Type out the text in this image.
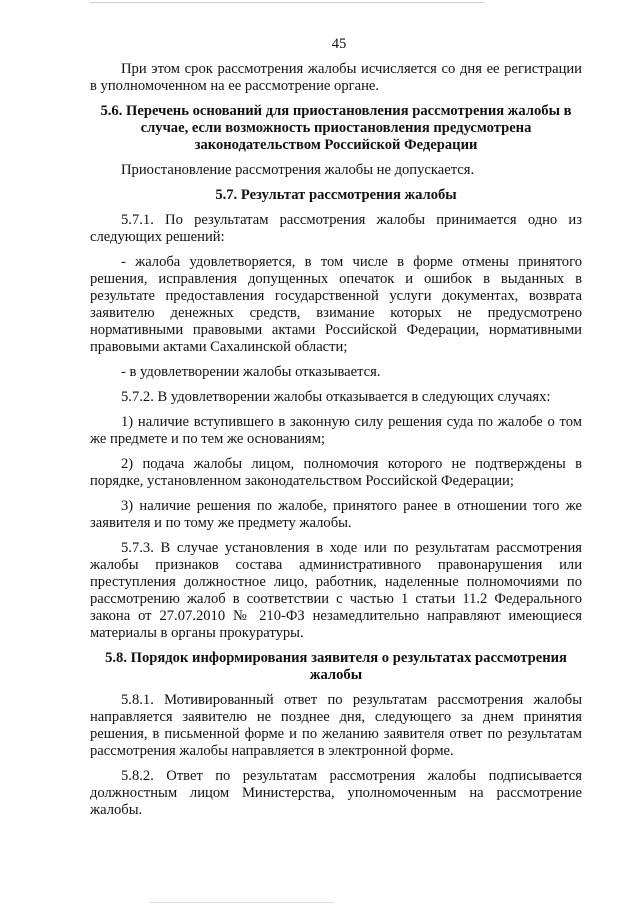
45

При этом срок рассмотрения жалобы исчисляется со дня ее регистрации в уполномоченном на ее рассмотрение органе.

5.6. Перечень оснований для приостановления рассмотрения жалобы в случае, если возможность приостановления предусмотрена законодательством Российской Федерации

Приостановление рассмотрения жалобы не допускается.

5.7. Результат рассмотрения жалобы

5.7.1. По результатам рассмотрения жалобы принимается одно из следующих решений:

- жалоба удовлетворяется, в том числе в форме отмены принятого решения, исправления допущенных опечаток и ошибок в выданных в результате предоставления государственной услуги документах, возврата заявителю денежных средств, взимание которых не предусмотрено нормативными правовыми актами Российской Федерации, нормативными правовыми актами Сахалинской области;

- в удовлетворении жалобы отказывается.

5.7.2. В удовлетворении жалобы отказывается в следующих случаях:

1) наличие вступившего в законную силу решения суда по жалобе о том же предмете и по тем же основаниям;

2) подача жалобы лицом, полномочия которого не подтверждены в порядке, установленном законодательством Российской Федерации;

3) наличие решения по жалобе, принятого ранее в отношении того же заявителя и по тому же предмету жалобы.

5.7.3. В случае установления в ходе или по результатам рассмотрения жалобы признаков состава административного правонарушения или преступления должностное лицо, работник, наделенные полномочиями по рассмотрению жалоб в соответствии с частью 1 статьи 11.2 Федерального закона от 27.07.2010 № 210-ФЗ незамедлительно направляют имеющиеся материалы в органы прокуратуры.

5.8. Порядок информирования заявителя о результатах рассмотрения жалобы

5.8.1. Мотивированный ответ по результатам рассмотрения жалобы направляется заявителю не позднее дня, следующего за днем принятия решения, в письменной форме и по желанию заявителя ответ по результатам рассмотрения жалобы направляется в электронной форме.

5.8.2. Ответ по результатам рассмотрения жалобы подписывается должностным лицом Министерства, уполномоченным на рассмотрение жалобы.
